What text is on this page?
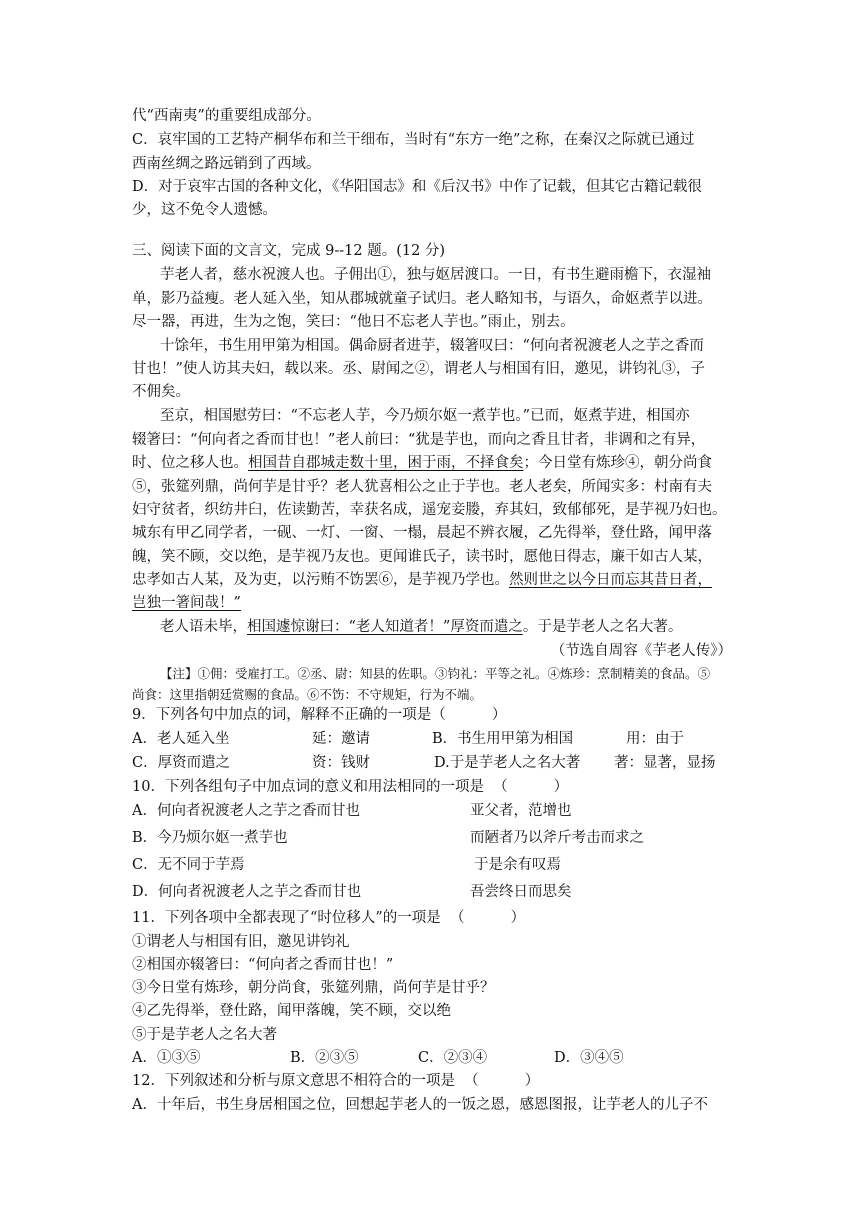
代“西南夷”的重要组成部分。
C．哀牢国的工艺特产桐华布和兰干细布，当时有“东方一绝”之称，在秦汉之际就已通过
西南丝绸之路远销到了西域。
D．对于哀牢古国的各种文化，《华阳国志》和《后汉书》中作了记载，但其它古籍记载很
少，这不免令人遗憾。
三、阅读下面的文言文，完成 9--12 题。(12 分)
芋老人者，慈水祝渡人也。子佣出①，独与妪居渡口。一日，有书生避雨檐下，衣湿袖
单，影乃益瘦。老人延入坐，知从郡城就童子试归。老人略知书，与语久，命妪煮芋以进。
尽一器，再进，生为之饱，笑曰：“他日不忘老人芋也。”雨止，别去。
十馀年，书生用甲第为相国。偶命厨者进芋，辍箸叹曰：“何向者祝渡老人之芋之香而
甘也！”使人访其夫妇，载以来。丞、尉闻之②，谓老人与相国有旧，邀见，讲钧礼③，子
不佣矣。
至京，相国慰劳曰：“不忘老人芋，今乃烦尔妪一煮芋也。”已而，妪煮芋进，相国亦
辍箸曰：“何向者之香而甘也！”老人前曰：“犹是芋也，而向之香且甘者，非调和之有异，
时、位之移人也。相国昔自郡城走数十里，困于雨，不择食矣；今日堂有炼珍④，朝分尚食
⑤，张筵列鼎，尚何芋是甘乎？老人犹喜相公之止于芋也。老人老矣，所闻实多：村南有夫
妇守贫者，织纺井臼，佐读勤苦，幸获名成，遥宠妾媵，弃其妇，致郁郁死，是芋视乃妇也。
城东有甲乙同学者，一砚、一灯、一窗、一榻，晨起不辨衣履，乙先得举，登仕路，闻甲落
魄，笑不顾，交以绝，是芋视乃友也。更闻谁氏子，读书时，愿他日得志，廉干如古人某，
忠孝如古人某，及为吏，以污贿不饬罢⑥，是芋视乃学也。然则世之以今日而忘其昔日者，
岂独一箸间哉！”
老人语未毕，相国遽惊谢曰：“老人知道者！”厚资而遣之。于是芋老人之名大著。
（节选自周容《芋老人传》）
【注】①佣：受雇打工。②丞、尉：知县的佐职。③钧礼：平等之礼。④炼珍：烹制精美的食品。⑤
尚食：这里指朝廷赏赐的食品。⑥不饬：不守规矩，行为不端。
9．下列各句中加点的词，解释不正确的一项是（          ）
A．老人延入坐	延：邀请	B．书生用甲第为相国	用：由于
C．厚资而遣之	资：钱财	D.于是芋老人之名大著 著：显著，显扬
10．下列各组句子中加点词的意义和用法相同的一项是  （          ）
A．何向者祝渡老人之芋之香而甘也	亚父者，范增也
B．今乃烦尔妪一煮芋也	而陋者乃以斧斤考击而求之
C．无不同于芋焉	于是余有叹焉
D．何向者祝渡老人之芋之香而甘也	吾尝终日而思矣
11．下列各项中全都表现了“时位移人”的一项是  （          ）
①谓老人与相国有旧，邀见讲钧礼
②相国亦辍箸曰：“何向者之香而甘也！”
③今日堂有炼珍，朝分尚食，张筵列鼎，尚何芋是甘乎？
④乙先得举，登仕路，闻甲落魄，笑不顾，交以绝
⑤于是芋老人之名大著
A．①③⑤	B．②③⑤	C．②③④	D．③④⑤
12．下列叙述和分析与原文意思不相符合的一项是  （          ）
A．十年后，书生身居相国之位，回想起芋老人的一饭之恩，感恩图报，让芋老人的儿子不
